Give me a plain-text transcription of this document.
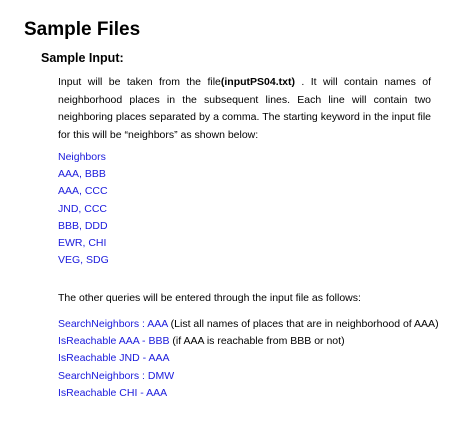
Sample Files
Sample Input:
Input will be taken from the file(inputPS04.txt) . It will contain names of
neighborhood places in the subsequent lines. Each line will contain two
neighboring places separated by a comma. The starting keyword in the input file
for this will be “neighbors” as shown below:
Neighbors
AAA, BBB
AAA, CCC
JND, CCC
BBB, DDD
EWR, CHI
VEG, SDG

The other queries will be entered through the input file as follows:

SearchNeighbors : AAA (List all names of places that are in neighborhood of AAA)
IsReachable AAA - BBB (if AAA is reachable from BBB or not)
IsReachable JND - AAA
SearchNeighbors : DMW
IsReachable CHI - AAA
